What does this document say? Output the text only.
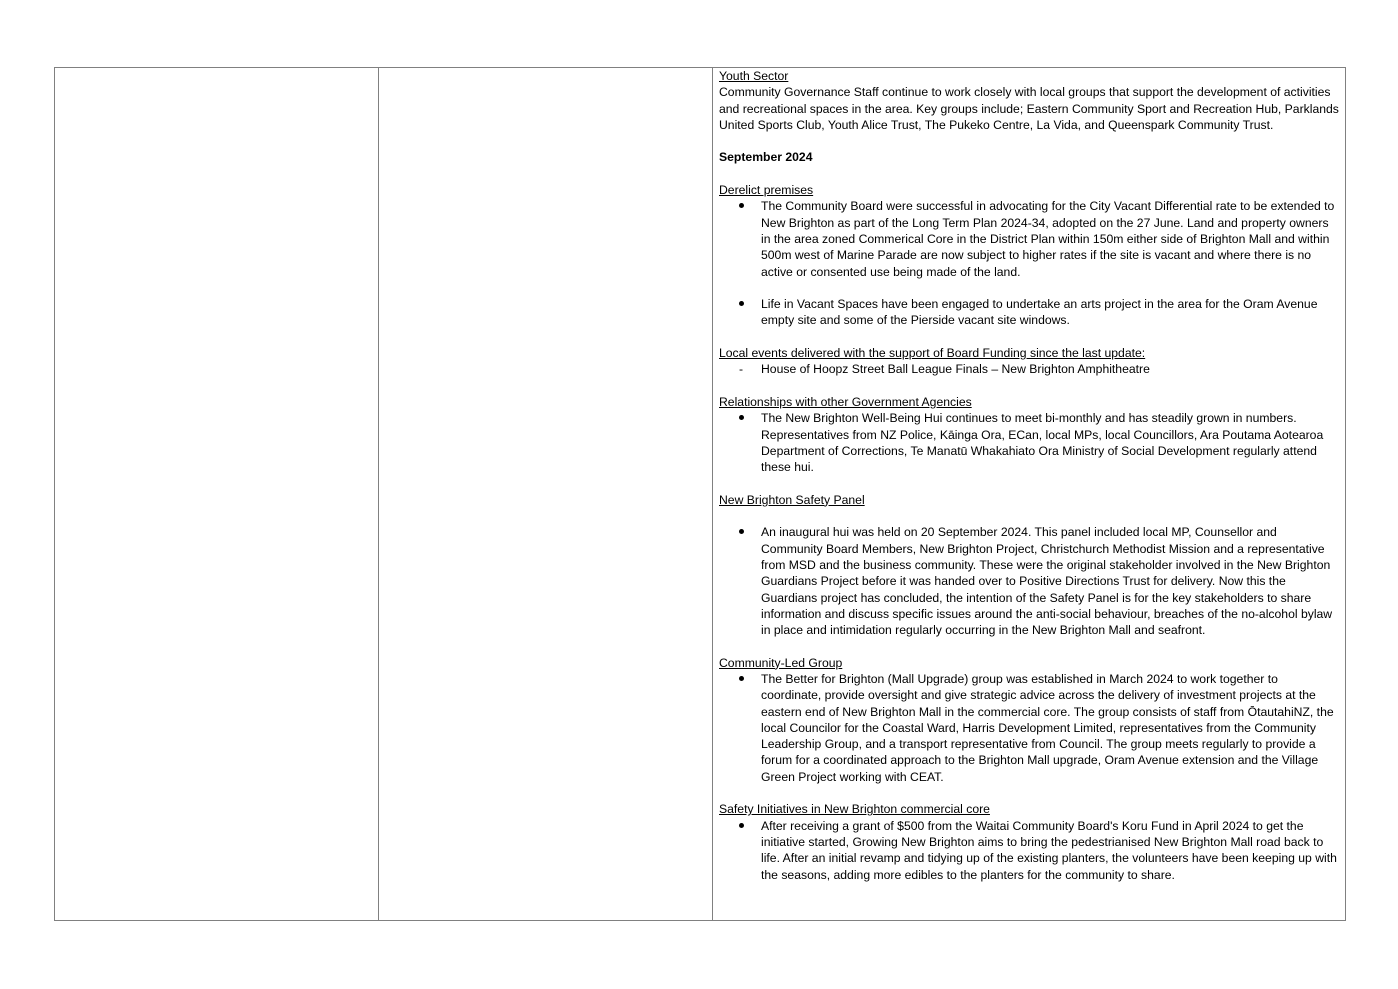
Youth Sector

Community Governance Staff continue to work closely with local groups that support the development of activities and recreational spaces in the area. Key groups include; Eastern Community Sport and Recreation Hub, Parklands United Sports Club, Youth Alice Trust, The Pukeko Centre, La Vida, and Queenspark Community Trust.

September 2024

Derelict premises

The Community Board were successful in advocating for the City Vacant Differential rate to be extended to New Brighton as part of the Long Term Plan 2024-34, adopted on the 27 June. Land and property owners in the area zoned Commerical Core in the District Plan within 150m either side of Brighton Mall and within 500m west of Marine Parade are now subject to higher rates if the site is vacant and where there is no active or consented use being made of the land.
Life in Vacant Spaces have been engaged to undertake an arts project in the area for the Oram Avenue empty site and some of the Pierside vacant site windows.

Local events delivered with the support of Board Funding since the last update:

-	House of Hoopz Street Ball League Finals – New Brighton Amphitheatre

Relationships with other Government Agencies

The New Brighton Well-Being Hui continues to meet bi-monthly and has steadily grown in numbers. Representatives from NZ Police, Kāinga Ora, ECan, local MPs, local Councillors, Ara Poutama Aotearoa Department of Corrections, Te Manatū Whakahiato Ora Ministry of Social Development regularly attend these hui.

New Brighton Safety Panel

An inaugural hui was held on 20 September 2024. This panel included local MP, Counsellor and Community Board Members, New Brighton Project, Christchurch Methodist Mission and a representative from MSD and the business community. These were the original stakeholder involved in the New Brighton Guardians Project before it was handed over to Positive Directions Trust for delivery. Now this the Guardians project has concluded, the intention of the Safety Panel is for the key stakeholders to share information and discuss specific issues around the anti-social behaviour, breaches of the no-alcohol bylaw in place and intimidation regularly occurring in the New Brighton Mall and seafront.

Community-Led Group

The Better for Brighton (Mall Upgrade) group was established in March 2024 to work together to coordinate, provide oversight and give strategic advice across the delivery of investment projects at the eastern end of New Brighton Mall in the commercial core. The group consists of staff from ŌtautahiNZ, the local Councilor for the Coastal Ward, Harris Development Limited, representatives from the Community Leadership Group, and a transport representative from Council. The group meets regularly to provide a forum for a coordinated approach to the Brighton Mall upgrade, Oram Avenue extension and the Village Green Project working with CEAT.

Safety Initiatives in New Brighton commercial core

After receiving a grant of $500 from the Waitai Community Board's Koru Fund in April 2024 to get the initiative started, Growing New Brighton aims to bring the pedestrianised New Brighton Mall road back to life. After an initial revamp and tidying up of the existing planters, the volunteers have been keeping up with the seasons, adding more edibles to the planters for the community to share.
